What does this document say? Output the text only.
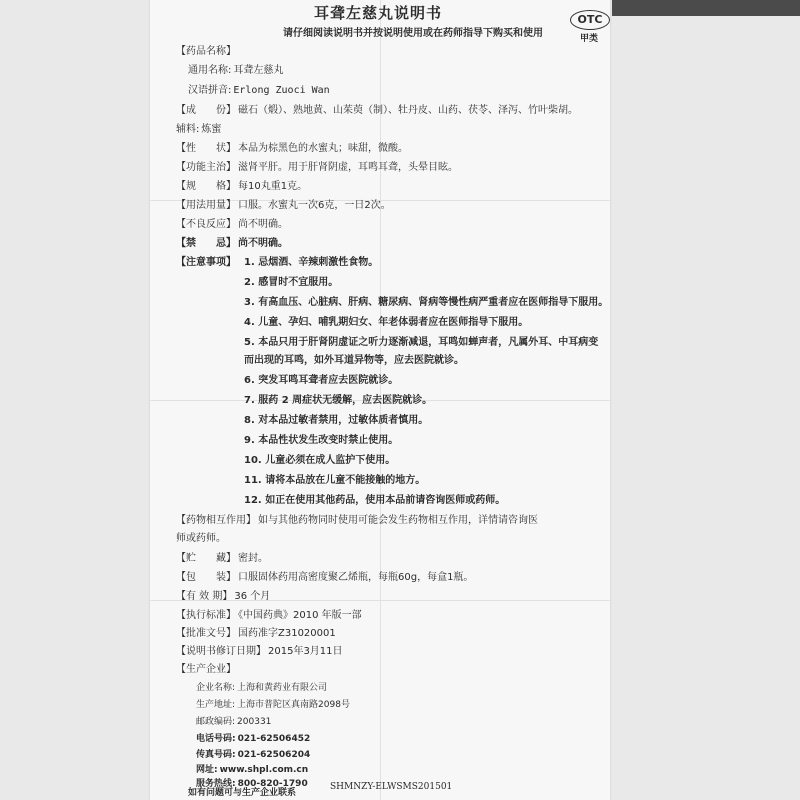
耳聋左慈丸说明书
请仔细阅读说明书并按说明使用或在药师指导下购买和使用
OTC
甲类
【药品名称】
通用名称: 耳聋左慈丸
汉语拼音: Erlong Zuoci Wan
【成　　份】 磁石（煅）、熟地黄、山茱萸（制）、牡丹皮、山药、茯苓、泽泻、竹叶柴胡。
辅料: 炼蜜
【性　　状】 本品为棕黑色的水蜜丸；味甜，微酸。
【功能主治】 滋肾平肝。用于肝肾阴虚，耳鸣耳聋，头晕目眩。
【规　　格】 每10丸重1克。
【用法用量】 口服。水蜜丸一次6克，一日2次。
【不良反应】 尚不明确。
【禁　　忌】 尚不明确。
【注意事项】 1. 忌烟酒、辛辣刺激性食物。
2. 感冒时不宜服用。
3. 有高血压、心脏病、肝病、糖尿病、肾病等慢性病严重者应在医师指导下服用。
4. 儿童、孕妇、哺乳期妇女、年老体弱者应在医师指导下服用。
5. 本品只用于肝肾阴虚证之听力逐渐减退，耳鸣如蝉声者，凡属外耳、中耳病变
而出现的耳鸣，如外耳道异物等，应去医院就诊。
6. 突发耳鸣耳聋者应去医院就诊。
7. 服药 2 周症状无缓解，应去医院就诊。
8. 对本品过敏者禁用，过敏体质者慎用。
9. 本品性状发生改变时禁止使用。
10. 儿童必须在成人监护下使用。
11. 请将本品放在儿童不能接触的地方。
12. 如正在使用其他药品，使用本品前请咨询医师或药师。
【药物相互作用】 如与其他药物同时使用可能会发生药物相互作用，详情请咨询医
师或药师。
【贮　　藏】 密封。
【包　　装】 口服固体药用高密度聚乙烯瓶，每瓶60g，每盒1瓶。
【有 效 期】 36 个月
【执行标准】 《中国药典》2010 年版一部
【批准文号】 国药准字Z31020001
【说明书修订日期】 2015年3月11日
【生产企业】
企业名称: 上海和黄药业有限公司
生产地址: 上海市普陀区真南路2098号
邮政编码: 200331
电话号码: 021-62506452
传真号码: 021-62506204
网址: www.shpl.com.cn
服务热线: 800-820-1790
如有问题可与生产企业联系
SHMNZY-ELWSMS201501
